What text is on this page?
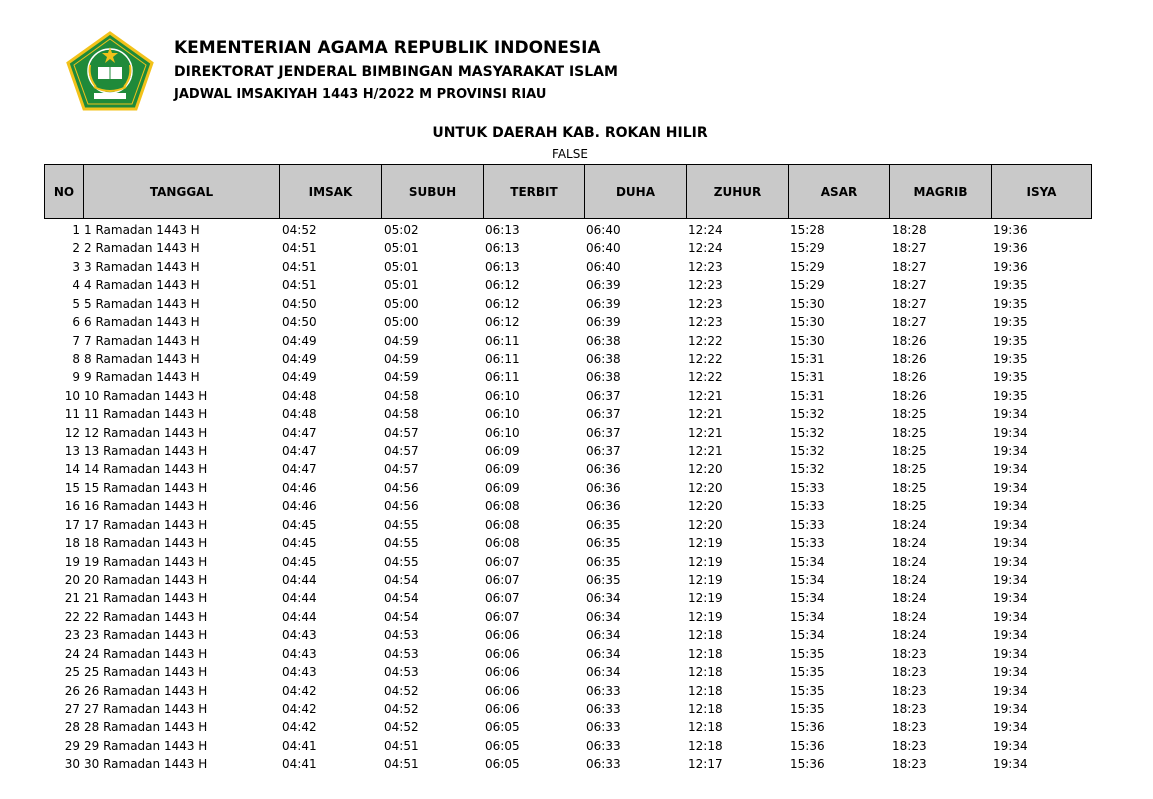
KEMENTERIAN AGAMA REPUBLIK INDONESIA
DIREKTORAT JENDERAL BIMBINGAN MASYARAKAT ISLAM
JADWAL IMSAKIYAH 1443 H/2022 M PROVINSI RIAU
UNTUK DAERAH KAB. ROKAN HILIR
FALSE
NO	TANGGAL	IMSAK	SUBUH	TERBIT	DUHA	ZUHUR	ASAR	MAGRIB	ISYA
1 1 Ramadan 1443 H	04:52	05:02	06:13	06:40	12:24	15:28	18:28	19:36
2 2 Ramadan 1443 H	04:51	05:01	06:13	06:40	12:24	15:29	18:27	19:36
3 3 Ramadan 1443 H	04:51	05:01	06:13	06:40	12:23	15:29	18:27	19:36
4 4 Ramadan 1443 H	04:51	05:01	06:12	06:39	12:23	15:29	18:27	19:35
5 5 Ramadan 1443 H	04:50	05:00	06:12	06:39	12:23	15:30	18:27	19:35
6 6 Ramadan 1443 H	04:50	05:00	06:12	06:39	12:23	15:30	18:27	19:35
7 7 Ramadan 1443 H	04:49	04:59	06:11	06:38	12:22	15:30	18:26	19:35
8 8 Ramadan 1443 H	04:49	04:59	06:11	06:38	12:22	15:31	18:26	19:35
9 9 Ramadan 1443 H	04:49	04:59	06:11	06:38	12:22	15:31	18:26	19:35
10 10 Ramadan 1443 H	04:48	04:58	06:10	06:37	12:21	15:31	18:26	19:35
11 11 Ramadan 1443 H	04:48	04:58	06:10	06:37	12:21	15:32	18:25	19:34
12 12 Ramadan 1443 H	04:47	04:57	06:10	06:37	12:21	15:32	18:25	19:34
13 13 Ramadan 1443 H	04:47	04:57	06:09	06:37	12:21	15:32	18:25	19:34
14 14 Ramadan 1443 H	04:47	04:57	06:09	06:36	12:20	15:32	18:25	19:34
15 15 Ramadan 1443 H	04:46	04:56	06:09	06:36	12:20	15:33	18:25	19:34
16 16 Ramadan 1443 H	04:46	04:56	06:08	06:36	12:20	15:33	18:25	19:34
17 17 Ramadan 1443 H	04:45	04:55	06:08	06:35	12:20	15:33	18:24	19:34
18 18 Ramadan 1443 H	04:45	04:55	06:08	06:35	12:19	15:33	18:24	19:34
19 19 Ramadan 1443 H	04:45	04:55	06:07	06:35	12:19	15:34	18:24	19:34
20 20 Ramadan 1443 H	04:44	04:54	06:07	06:35	12:19	15:34	18:24	19:34
21 21 Ramadan 1443 H	04:44	04:54	06:07	06:34	12:19	15:34	18:24	19:34
22 22 Ramadan 1443 H	04:44	04:54	06:07	06:34	12:19	15:34	18:24	19:34
23 23 Ramadan 1443 H	04:43	04:53	06:06	06:34	12:18	15:34	18:24	19:34
24 24 Ramadan 1443 H	04:43	04:53	06:06	06:34	12:18	15:35	18:23	19:34
25 25 Ramadan 1443 H	04:43	04:53	06:06	06:34	12:18	15:35	18:23	19:34
26 26 Ramadan 1443 H	04:42	04:52	06:06	06:33	12:18	15:35	18:23	19:34
27 27 Ramadan 1443 H	04:42	04:52	06:06	06:33	12:18	15:35	18:23	19:34
28 28 Ramadan 1443 H	04:42	04:52	06:05	06:33	12:18	15:36	18:23	19:34
29 29 Ramadan 1443 H	04:41	04:51	06:05	06:33	12:18	15:36	18:23	19:34
30 30 Ramadan 1443 H	04:41	04:51	06:05	06:33	12:17	15:36	18:23	19:34
